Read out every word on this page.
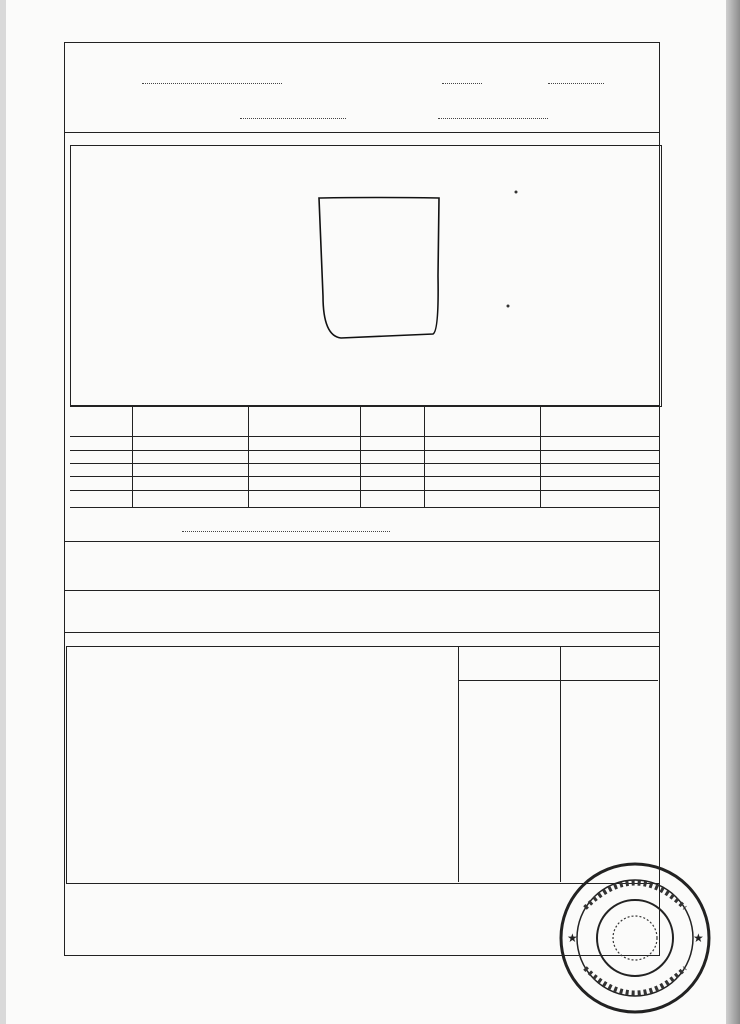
★	★
